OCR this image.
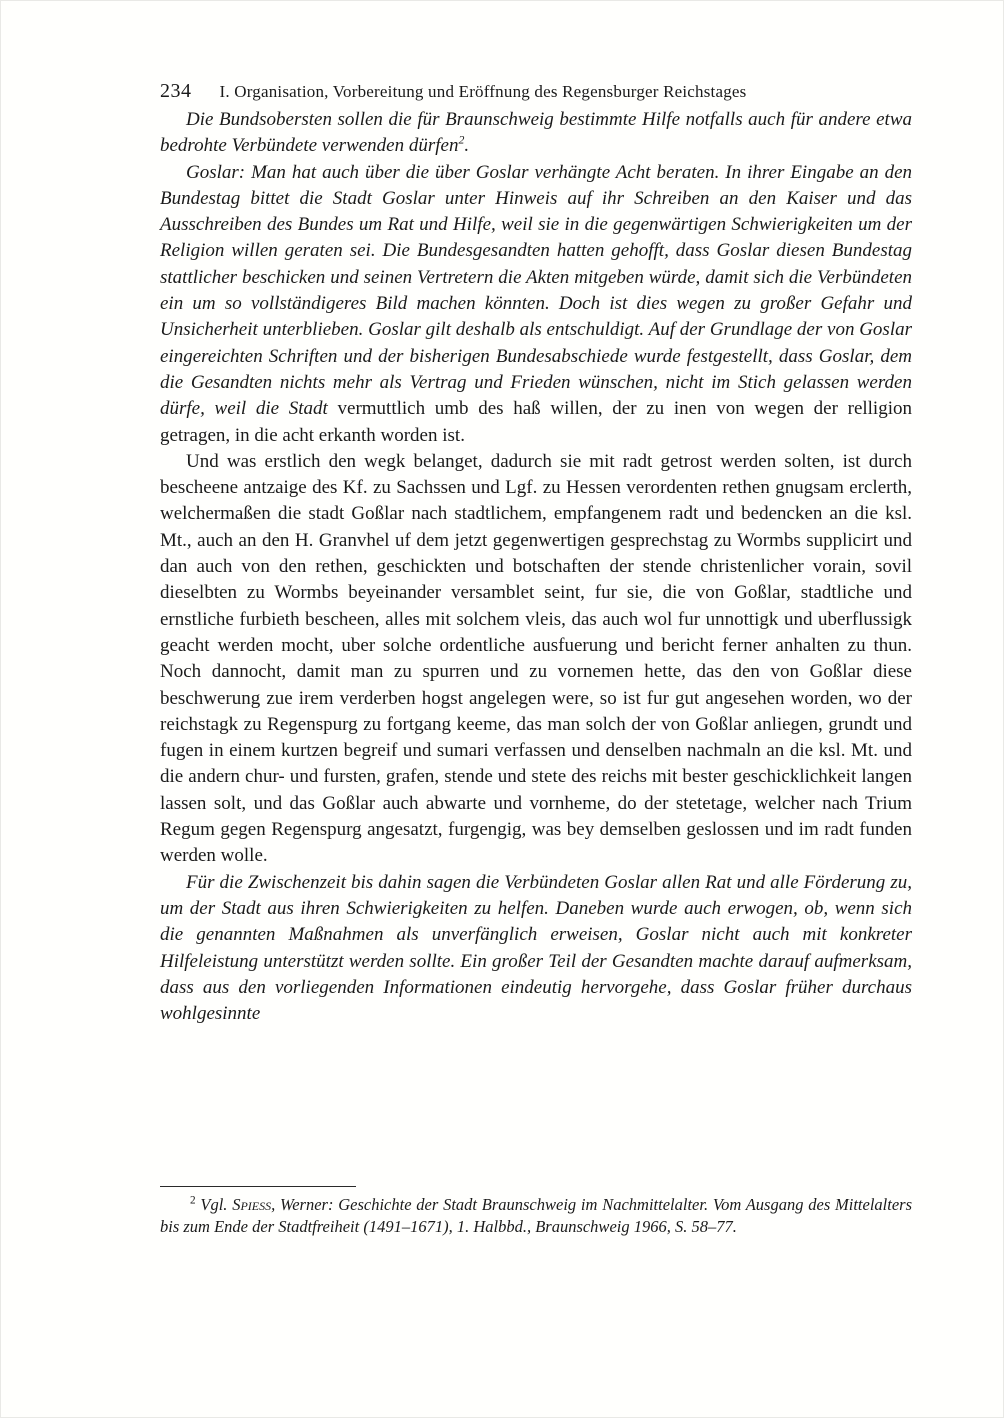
234 I. Organisation, Vorbereitung und Eröffnung des Regensburger Reichstages

Die Bundsobersten sollen die für Braunschweig bestimmte Hilfe notfalls auch für andere etwa bedrohte Verbündete verwenden dürfen$^2$.

Goslar: Man hat auch über die über Goslar verhängte Acht beraten. In ihrer Eingabe an den Bundestag bittet die Stadt Goslar unter Hinweis auf ihr Schreiben an den Kaiser und das Ausschreiben des Bundes um Rat und Hilfe, weil sie in die gegenwärtigen Schwierigkeiten um der Religion willen geraten sei. Die Bundesgesandten hatten gehofft, dass Goslar diesen Bundestag stattlicher beschicken und seinen Vertretern die Akten mitgeben würde, damit sich die Verbündeten ein um so vollständigeres Bild machen könnten. Doch ist dies wegen zu großer Gefahr und Unsicherheit unterblieben. Goslar gilt deshalb als entschuldigt. Auf der Grundlage der von Goslar eingereichten Schriften und der bisherigen Bundesabschiede wurde festgestellt, dass Goslar, dem die Gesandten nichts mehr als Vertrag und Frieden wünschen, nicht im Stich gelassen werden dürfe, weil die Stadt vermuttlich umb des haß willen, der zu inen von wegen der relligion getragen, in die acht erkanth worden ist.

Und was erstlich den wegk belanget, dadurch sie mit radt getrost werden solten, ist durch bescheene antzaige des Kf. zu Sachssen und Lgf. zu Hessen verordenten rethen gnugsam erclerth, welchermaßen die stadt Goßlar nach stadtlichem, empfangenem radt und bedencken an die ksl. Mt., auch an den H. Granvhel uf dem jetzt gegenwertigen gesprechstag zu Wormbs supplicirt und dan auch von den rethen, geschickten und botschaften der stende christenlicher vorain, sovil dieselbten zu Wormbs beyeinander versamblet seint, fur sie, die von Goßlar, stadtliche und ernstliche furbieth bescheen, alles mit solchem vleis, das auch wol fur unnottigk und uberflussigk geacht werden mocht, uber solche ordentliche ausfuerung und bericht ferner anhalten zu thun. Noch dannocht, damit man zu spurren und zu vornemen hette, das den von Goßlar diese beschwerung zue irem verderben hogst angelegen were, so ist fur gut angesehen worden, wo der reichstagk zu Regenspurg zu fortgang keeme, das man solch der von Goßlar anliegen, grundt und fugen in einem kurtzen begreif und sumari verfassen und denselben nachmaln an die ksl. Mt. und die andern chur- und fursten, grafen, stende und stete des reichs mit bester geschicklichkeit langen lassen solt, und das Goßlar auch abwarte und vornheme, do der stetetage, welcher nach Trium Regum gegen Regenspurg angesatzt, furgengig, was bey demselben geslossen und im radt funden werden wolle.

Für die Zwischenzeit bis dahin sagen die Verbündeten Goslar allen Rat und alle Förderung zu, um der Stadt aus ihren Schwierigkeiten zu helfen. Daneben wurde auch erwogen, ob, wenn sich die genannten Maßnahmen als unverfänglich erweisen, Goslar nicht auch mit konkreter Hilfeleistung unterstützt werden sollte. Ein großer Teil der Gesandten machte darauf aufmerksam, dass aus den vorliegenden Informationen eindeutig hervorgehe, dass Goslar früher durchaus wohlgesinnte

$^2$ Vgl. Spiess, Werner: Geschichte der Stadt Braunschweig im Nachmittelalter. Vom Ausgang des Mittelalters bis zum Ende der Stadtfreiheit (1491–1671), 1. Halbbd., Braunschweig 1966, S. 58–77.
